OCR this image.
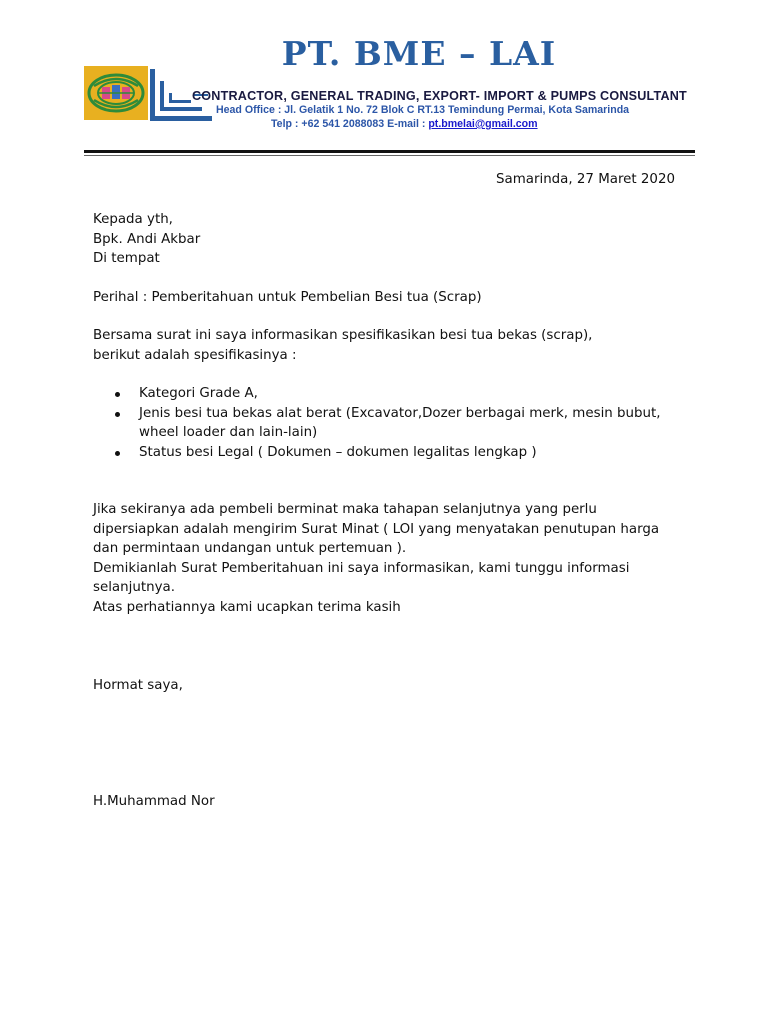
PT. BME – LAI
CONTRACTOR, GENERAL TRADING, EXPORT- IMPORT & PUMPS CONSULTANT
Head Office : Jl. Gelatik 1 No. 72 Blok C RT.13 Temindung Permai, Kota Samarinda
Telp : +62 541 2088083 E-mail : pt.bmelai@gmail.com
Samarinda, 27 Maret 2020
Kepada yth,
Bpk. Andi Akbar
Di tempat
Perihal : Pemberitahuan untuk Pembelian Besi tua (Scrap)
Bersama surat ini saya informasikan spesifikasikan besi tua bekas (scrap),
berikut adalah spesifikasinya :
Kategori Grade A,
Jenis besi tua bekas alat berat (Excavator,Dozer berbagai merk, mesin bubut, wheel loader dan lain-lain)
Status besi Legal ( Dokumen – dokumen legalitas lengkap )
Jika sekiranya ada pembeli berminat maka tahapan selanjutnya yang perlu
dipersiapkan adalah mengirim Surat Minat ( LOI yang menyatakan penutupan harga
dan permintaan undangan untuk pertemuan ).
Demikianlah Surat Pemberitahuan ini saya informasikan, kami tunggu informasi
selanjutnya.
Atas perhatiannya kami ucapkan terima kasih
Hormat saya,
H.Muhammad Nor
